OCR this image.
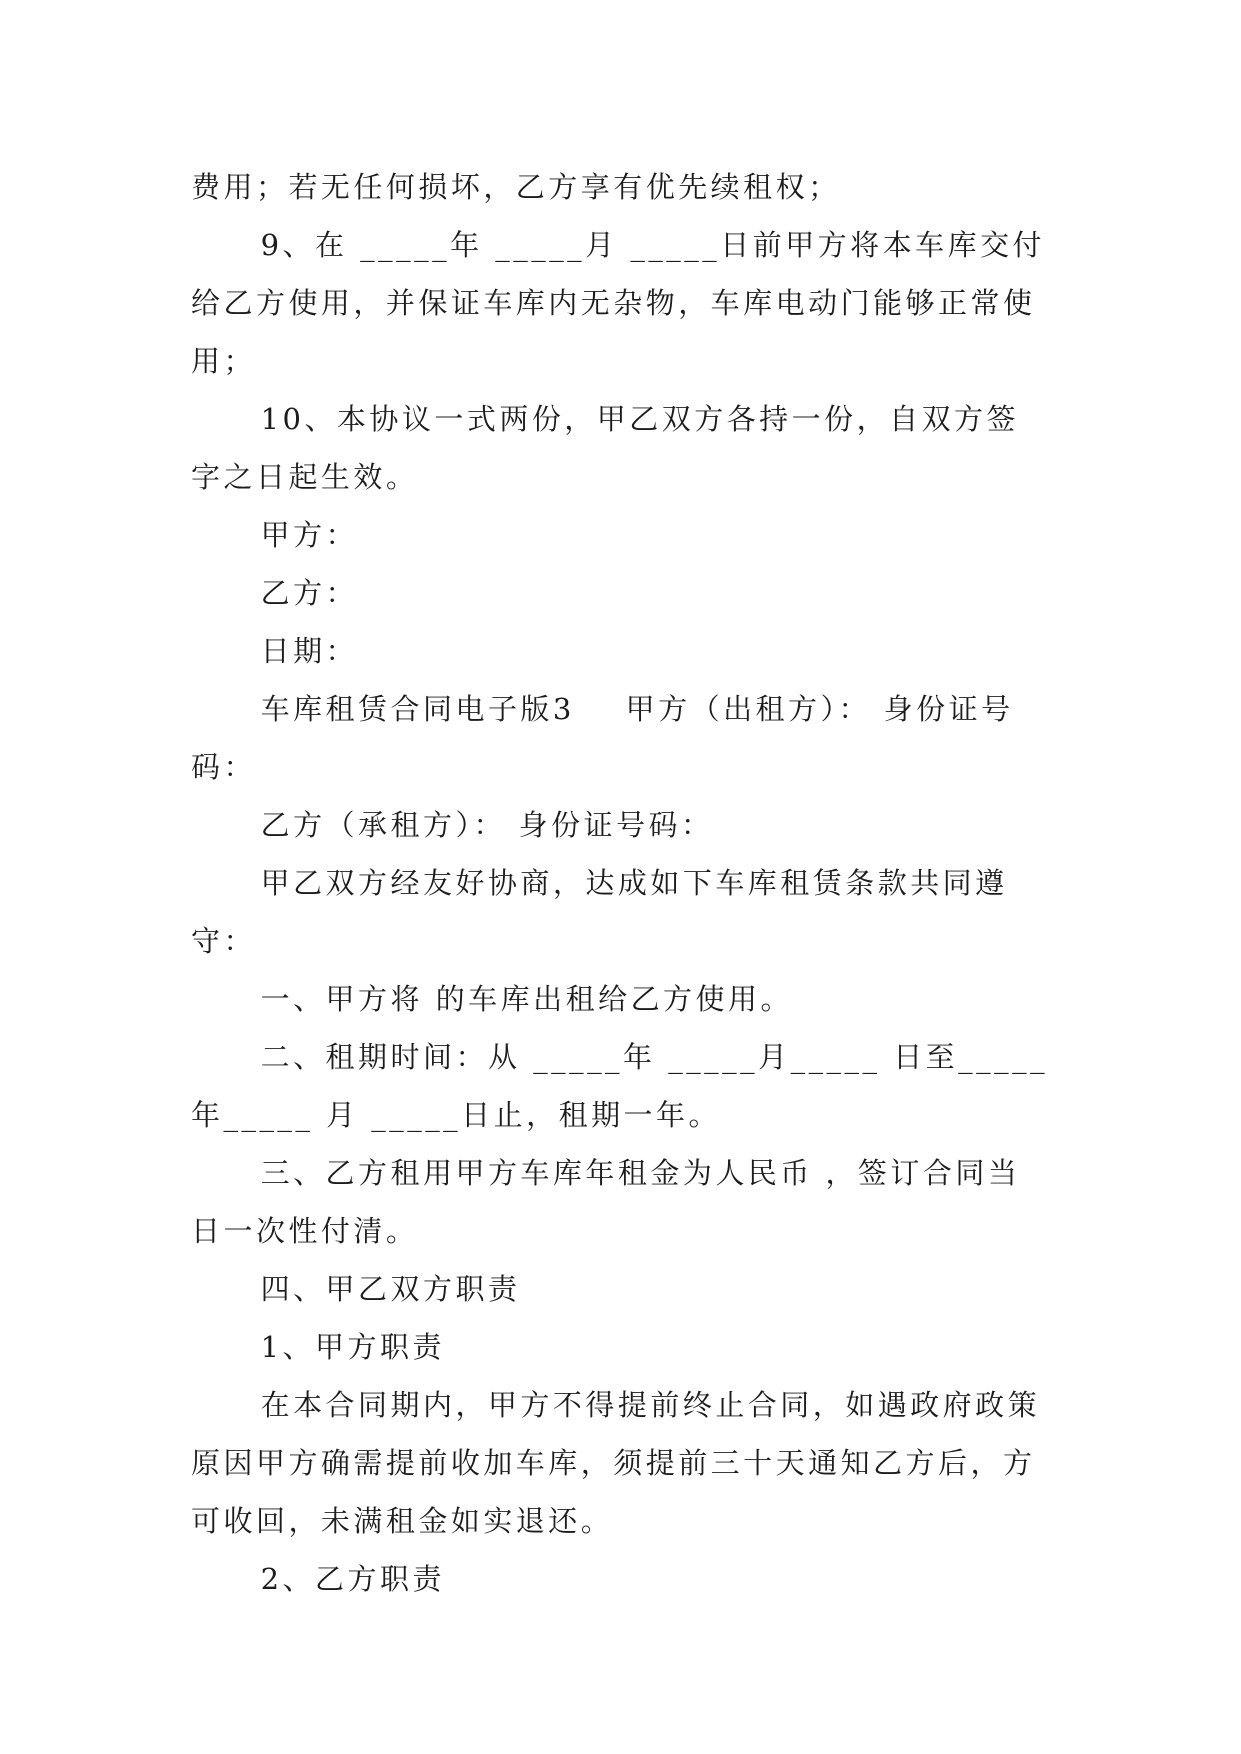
费用；若无任何损坏，乙方享有优先续租权；

9、在 _____年 _____月 _____日前甲方将本车库交付给乙方使用，并保证车库内无杂物，车库电动门能够正常使用；

10、本协议一式两份，甲乙双方各持一份，自双方签字之日起生效。

甲方：

乙方：

日期：

车库租赁合同电子版3    甲方（出租方）： 身份证号码：

乙方（承租方）： 身份证号码：

甲乙双方经友好协商，达成如下车库租赁条款共同遵守：

一、甲方将 的车库出租给乙方使用。

二、租期时间：从 _____年 _____月_____ 日至_____年_____ 月 _____日止，租期一年。

三、乙方租用甲方车库年租金为人民币 ，签订合同当日一次性付清。

四、甲乙双方职责

1、甲方职责

在本合同期内，甲方不得提前终止合同，如遇政府政策原因甲方确需提前收加车库，须提前三十天通知乙方后，方可收回，未满租金如实退还。

2、乙方职责
